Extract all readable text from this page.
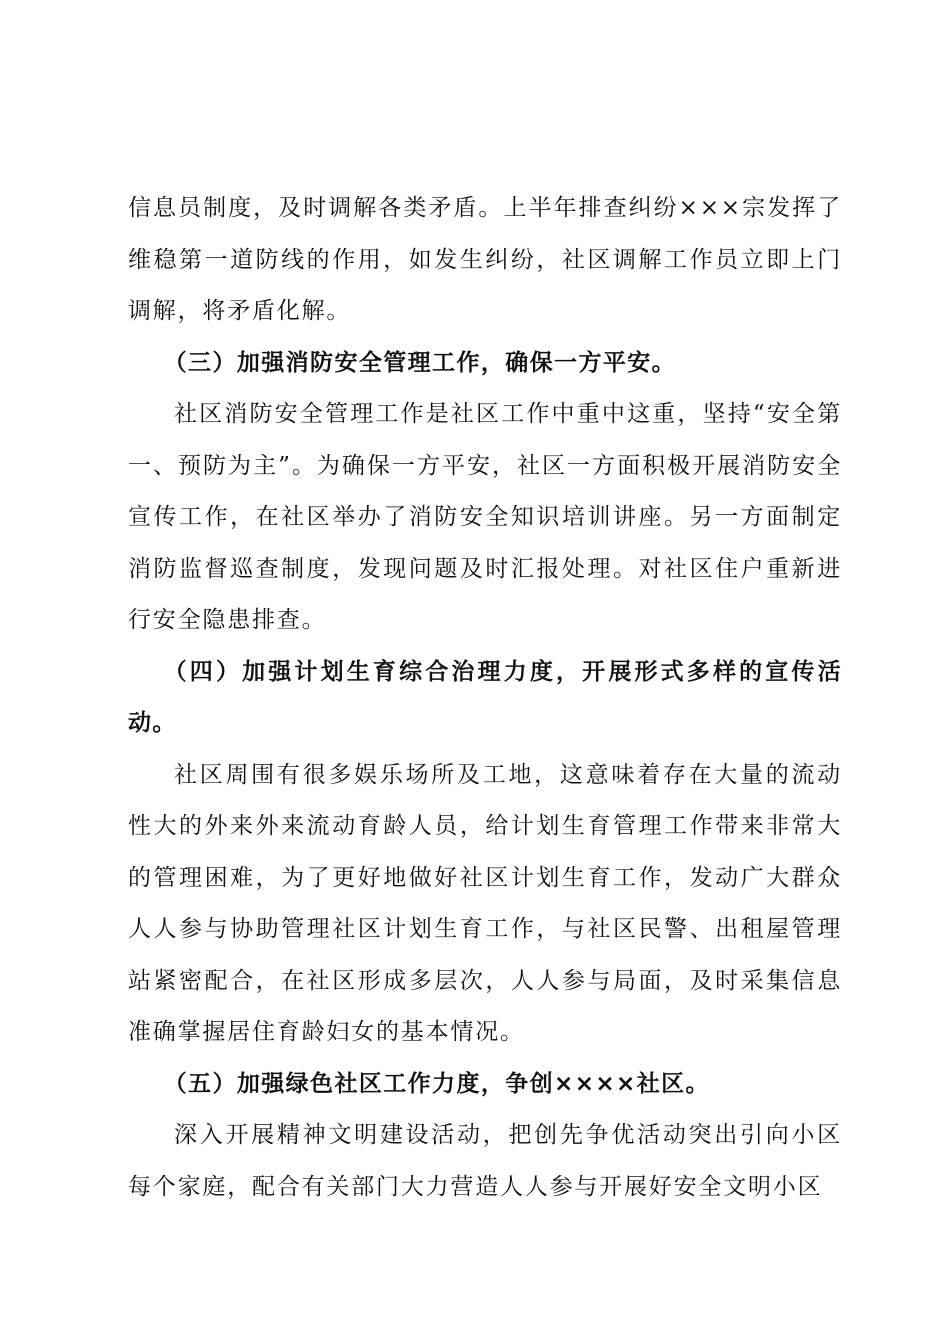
信息员制度，及时调解各类矛盾。上半年排查纠纷×××宗发挥了维稳第一道防线的作用，如发生纠纷，社区调解工作员立即上门调解，将矛盾化解。

（三）加强消防安全管理工作，确保一方平安。

社区消防安全管理工作是社区工作中重中这重，坚持“安全第一、预防为主”。为确保一方平安，社区一方面积极开展消防安全宣传工作，在社区举办了消防安全知识培训讲座。另一方面制定消防监督巡查制度，发现问题及时汇报处理。对社区住户重新进行安全隐患排查。

（四）加强计划生育综合治理力度，开展形式多样的宣传活动。

社区周围有很多娱乐场所及工地，这意味着存在大量的流动性大的外来外来流动育龄人员，给计划生育管理工作带来非常大的管理困难，为了更好地做好社区计划生育工作，发动广大群众人人参与协助管理社区计划生育工作，与社区民警、出租屋管理站紧密配合，在社区形成多层次，人人参与局面，及时采集信息准确掌握居住育龄妇女的基本情况。

（五）加强绿色社区工作力度，争创××××社区。

深入开展精神文明建设活动，把创先争优活动突出引向小区每个家庭，配合有关部门大力营造人人参与开展好安全文明小区
